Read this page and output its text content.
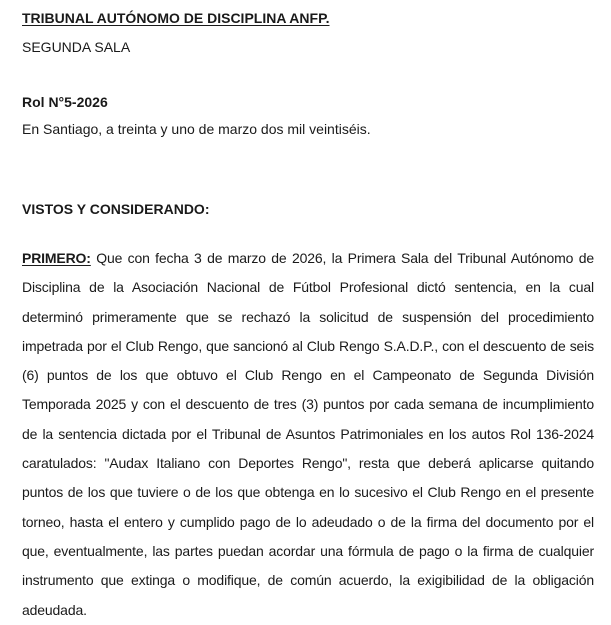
TRIBUNAL AUTÓNOMO DE DISCIPLINA ANFP.
SEGUNDA SALA
Rol N°5-2026
En Santiago, a treinta y uno de marzo dos mil veintiséis.
VISTOS Y CONSIDERANDO:
PRIMERO: Que con fecha 3 de marzo de 2026, la Primera Sala del Tribunal Autónomo de Disciplina de la Asociación Nacional de Fútbol Profesional dictó sentencia, en la cual determinó primeramente que se rechazó la solicitud de suspensión del procedimiento impetrada por el Club Rengo, que sancionó al Club Rengo S.A.D.P., con el descuento de seis (6) puntos de los que obtuvo el Club Rengo en el Campeonato de Segunda División Temporada 2025 y con el descuento de tres (3) puntos por cada semana de incumplimiento de la sentencia dictada por el Tribunal de Asuntos Patrimoniales en los autos Rol 136-2024 caratulados: "Audax Italiano con Deportes Rengo", resta que deberá aplicarse quitando puntos de los que tuviere o de los que obtenga en lo sucesivo el Club Rengo en el presente torneo, hasta el entero y cumplido pago de lo adeudado o de la firma del documento por el que, eventualmente, las partes puedan acordar una fórmula de pago o la firma de cualquier instrumento que extinga o modifique, de común acuerdo, la exigibilidad de la obligación adeudada.
